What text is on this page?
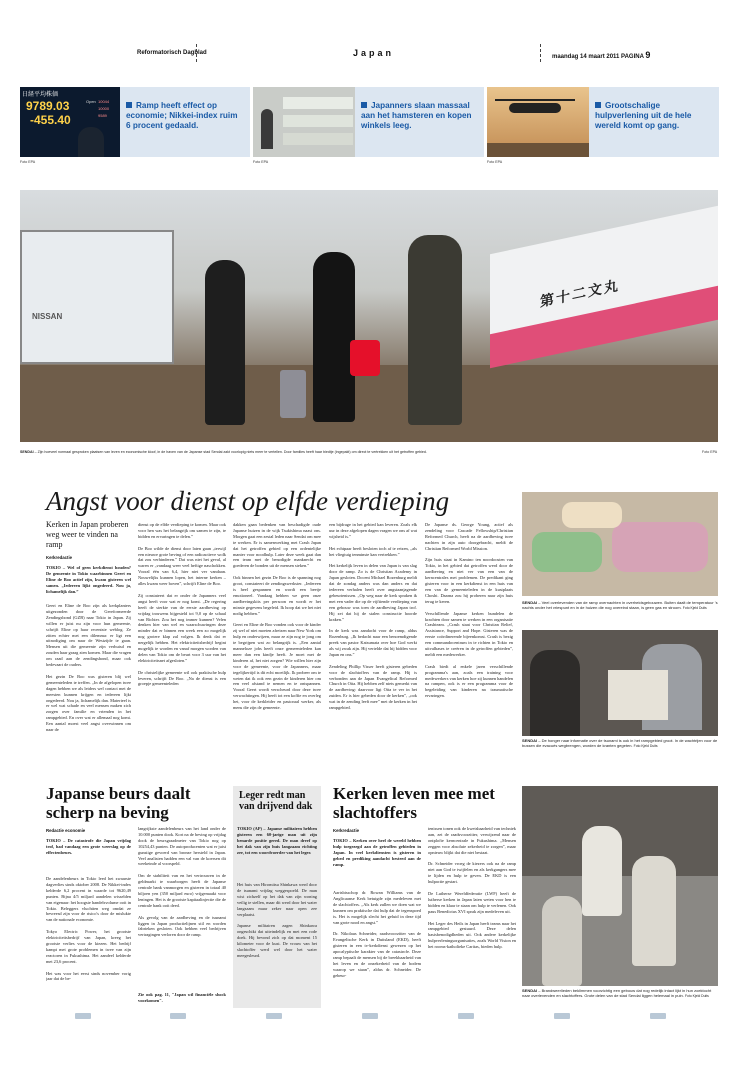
Reformatorisch Dagblad	Japan	maandag 14 maart 2011 PAGINA 9
日経平均株価
9789.03
-455.40
Open 10044
10000
9589
Ramp heeft effect op economie; Nikkei-index ruim 6 procent gedaald.
Foto EPA
Japanners slaan massaal aan het hamsteren en kopen winkels leeg.
Foto EPA
Grootschalige hulpverlening uit de hele wereld komt op gang.
Foto EPA
NISSAN
第十二文丸
SENDAI – Zijn hoeveel normaal gesproken plaatsen van leven en economische kloof, in de haven van de Japanse stad Sendai zakt voorlopig niets meer te vertellen. Door families heeft haar biedtje (ingepakt) om direct te vertrekken uit het getroffen gebied.	Foto EPA
Angst voor dienst op elfde verdieping
Kerken in Japan proberen weg weer te vinden na ramp
Kerkredactie
TOKIO – Wel of geen kerkdienst houden? De gemeente in Tokio waarbinnen Geert en Eline de Boo actief zijn, kwam gisteren wel samen. „Iedereen lijkt ongedeerd. Nou ja, lichamelijk dan.”
Geert en Eline de Boo zijn als kerkplanters uitgezonden door de Gereformeerde Zendingsbond (GZB) naar Tokio in Japan. Zij willen er juist nu zijn voor hun gemeente, schrijft Eline op haar recentste weblog. Ze zitten echter met een dilemma: er ligt een uitnodiging om naar de Westzijde te gaan. Mensen uit die gemeente zijn verhuisd en zouden haar graag zien komen. Maar die vragen om raad aan de zendingsbond, maar ook bedevaart de ouders.

Het gezin De Boo was gisteren blij wel gemeenteleden te treffen. „In de afgelopen twee dagen hebben we als leiders wel contact met de meesten kunnen krijgen en iedereen lijkt ongedeerd. Nou ja, lichamelijk dan. Materieel is er wel wat schade en veel mensen maken zich zorgen over familie en vrienden in het rampgebied. En over wat er allemaal nog komt. Een aantal moest veel angst overwinnen om naar de
dienst op de elfde verdieping te komen. Maar ook voor hen was het belangrijk om samen te zijn, te bidden en ervaringen te delen.”

De Boo wilde de dienst door laten gaan „terwijl een nieuwe grote beving of een radioactieve wolk dat zou verhinderen.” Dat was niet het geval, al waren er „vandaag weer veel heftige naschokken. Vooral één van 6,4, hier niet ver vandaan. Nouwelijks kunnen lopen, het interne kerken – alles kwam weer boven”, schrijft Eline de Boo.

Zij constateert dat er onder de Japanners veel angst heeft voor wat er nog komt. „De regering heeft de sterkte van de eerste aardbeving op vrijdag trouwens bijgesteld tot 9,0 op de schaal van Richter. Zou het nog immer kunnen? Velen denken hier van wel en waarschuwingen deze minder dat er binnen een week een zo mogelijk nog grotere klap zal volgen. Ik denk dat er nergelijk hebben. Het elektriciteitsbedrijf begint mogelijk te worden en vanaf morgen worden van delen van Tokio om de beurt voor 3 uur van het elektriciteitsnet afgesloten.”

De christelijke gemeente wil ook praktische hulp leveren, schrijft De Boo. „Na de dienst is een groepje gemeenteleden
dakken gaan bedenken van beschadigde oude Japanse huizen in de wijk Tsukishima naast ons. Morgen gaat een zestal leden naar Sendai om mee te werken. Er is samenwerking met Crash Japan dat het getroffen gebied op een ordentelijke manier voor noodhulp. Later deze week gaat dan een team met de benodigde manknecht en goederen de bonden uit de mensen steken.”

Ook binnen het gezin De Boo is de spanning nog groot, constateert de zendingswerkster. „Iedereen is heel gespannen en wordt een beetje emotioneel. Vandaag hebben we geen onze aardbevingskits per persoon en wordt er het minste gegevens begeleid. Ik hoop dat we het niet nodig hebben.”

Geert en Eline de Boo vonden ook voor de kinder zij wel of niet moeten afreizen naar New York om hulp en onderwijzen, maar ze zijn nog te jong om te begrijpen wat zo belangrijk is. „Een aantal manneloze jobs heeft onze gemeenteleden kan meer dan een kindje heeft. Je moet met de kinderen af, het niet zorgen? Wie willen hier zijn voor de gemeente, voor de Japanners, maar tegelijkertijd is dit echt moeilijk. Ik probeer om te weten dat ik ook een gezin de kinderen hier om een veel afstand te nemen en te ontspannen. Vooral Geert wordt verscheurd door deze twee verwachtingen. Hij heeft tot een koffie en overleg het, voor de kerkleider en pastoraal werker, als mens die zijn de gemeente.
een bijdrage in het gebied kan leveren. Zoals elk uur in deze afgelopen dagen vragen we ons af wat wijsheid is.”

Het echtpaar heeft besloten toch af te reizen, „als het vliegtuig tenminste kan vertrekken.”

Het kerkelijk leven in delen van Japan is van slag door de ramp. Zo is de Christian Academy in Japan gesloten. Docent Michael Rozenburg meldt dat de zondag anders was dan anders en dat iedereen verhalen heeft over angstaanjagende gebeurtenissen. „Op weg naar de kerk spraken ik met een vader die op de vijftiende verdieping van een gebouw was toen de aardbeving Japan trof. Hij zei dat hij de stalen constructie hoorde kraken.”

In de kerk was aandacht voor de ramp, aldus Rozenburg. „Ik bedacht naar een benoemdigende preek van pastor Katsumata over hoe God werkt als wij zwak zijn. Hij vertelde dat hij bidden voor Japan en ons.”

Zendeling Phillip Visser heeft gisteren gebeden voor de slachtoffers van de ramp. Hij is verbonden aan de Japan Evangelical Reformed Church in Oita. Hij hebben zelf niets gemerkt van de aardbeving: daarvoor ligt Oita te ver in het zuiden. Er is hier gebeden door de kerken”, „ook wat in de zending leeft mee” met de kerken in het rampgebied.
De Japanse ds. George Young, actief als zendeling voor Cascade Fellowship/Christian Reformed Church, heeft na de aardbeving twee nachten in zijn auto doorgebracht, meldt de Christian Reformed World Mission.

Zijn huis staat in Kamino ten noordoosten van Tokio, in het gebied dat getroffen werd door de aardbeving en niet ver van een van de kerncentrales met problemen. De predikant ging gisteren voor in een kerkdienst in een huis van een van de gemeenteleden in de kustplaats Choshi. Daarna zou hij proberen naar zijn huis terug te keren.

Verschillende Japanse kerken bundelen de krachten door samen te werken in een organisatie Crashteam. „Crash staat voor Christian Relief, Assistance, Support and Hope. Gisteren was de eerste coördinerende bijeenkomst. Crash is bezig een commandocentrum in te richten in Tokio en uitvalbases te creëren in de getroffen gebieden”, meldt een medewerker.

Crash biedt al enkele jaren verschillende programma's aan, zoals een training voor medewerkers van kerken hoe zij kunnen handelen na rampen, ook is er een programma voor de begeleiding van kinderen na traumatische ervaringen.
SENDAI – Veel overlevenden van de ramp overnachten in overheidsgebouwen. Buiten daalt de temperatuur 's nachts onder het vriespunt en in de huizen die nog overeind staan, is geen gas en stroom. Foto Kjeld Duits
SENDAI – De honger naar informatie over de tsunami is ook in het rampgebied groot. In de wachtrijen voor de bussen die evacués wegbrengen, worden de kranten gegeten. Foto Kjeld Duits
Japanse beurs daalt scherp na beving
Redactie economie
TOKIO – De catastrofe die Japan vrijdag trof, had vandaag een grote weerslag op de effectenbeurs.
De aandelenbeurs in Tokio leed het zwaarste dagverlies sinds oktober 2008. De Nikkei-index kelderde 6,2 procent in waarde tot 9620,49 punten. Bijna 4/5 miljard aandelen wisselden van eigenaar: het hoogste handelsvolume ooit in Tokio. Beleggers vluchtten weg omdat ze bevreesd zijn voor de risico's door de mislukte van de nationale economie.

Tokyo Electric Power, het grootste elektriciteitsbedrijf van Japan, kreeg het grootste verlies voor de kiezen. Het bedrijf kampt met grote problemen in twee van zijn reactoren in Fukushima. Het aandeel kelderde met 23,6 procent.

Het was voor het eerst sinds november vorig jaar dat de be-
langrijkste aandelenbeurs van het land onder de 10.000 punten dook. Kort na de beving op vrijdag dook de beursgraadmeter van Tokio nog op 10254,43 punten. De autoproducenten wat er juist gunstige gevoerd van bronze hersteld in Japan. Veel analisten hadden een val van de koersen dit weekeinde al voorspeld.

Om de stabiliteit van en het vertrouwen in de geldmarkt te waarborgen heeft de Japanse centrale bank vanmorgen en gisteren in totaal 40 biljoen yen (350 miljard euro) vrijgemaakt voor leningen. Het is de grootste kapitaalinjectie die de centrale bank ooit deed.

Als gevolg van de aardbeving en de tsunami liggen in Japan productielijnen stil en worden fabrieken gesloten. Ook hebben veel bedrijven vertragingen verloren door de ramp.
Zie ook pag. 11, "Japan wil financiële shock voorkomen".
Leger redt man van drijvend dak
TOKIO (AP) – Japanse militairen hebben gisteren een 60-jarige man uit zijn benarde positie gered. De man dreef op het dak van zijn huis langzaam richting zee, tot een woordvoerder van het leger.
Het huis van Hiromitsu Shinkawa werd door de tsunami vrijdag weggespoeld. De man wist zichzelf op het dak van zijn woning veilig te stellen, maar dit werd door het water langzaam maar zeker naar open zee verplaatst.

Japanse militairen zagen Shinkawa ongeschikt dat uiteindelijk en met een rode doek. Hij bevond zich op dat moment 15 kilometer voor de kust. De vrouw van het slachtoffer werd wel door het water meegesleurd.
Kerken leven mee met slachtoffers
Kerkredactie
TOKIO – Kerken over heel de wereld hebben hulp toegezegd aan de getroffen gebieden in Japan. In veel kerkdiensten is gisteren in gebed en prediking aandacht besteed aan de ramp.
Aartsbisschop dr. Rowan Williams van de Anglicaanse Kerk betuigde zijn medeleven met de slachtoffers. „Als kerk zullen we doen wat we kunnen om praktische dat hulp dat de tegenspoed is. Het is mogelijk slecht het geluid in deze tijd van grote nood en angst.”

Dr. Nikolaus Schneider, raadsvoorzitter van de Evangelische Kerk in Duitsland (EKD), heeft gisteren in een tv-kerkdienst gewezen op het apocalyptische karakter van de catastrofe. Deze ramp bepaalt de mensen bij de breekbaarheid van het leven en de onzekerheid van de bodem waarop we staan”, aldus dr. Schneider. De gebeur-
tenissen tonen ook de kwetsbaarheid van techniek aan, zei de raadsvoorzitter, verwijzend naar de ontplofte kerncentrale in Fukushima. „Mensen zeggen voor absolute zekerheid te zorgen”, maar opnieuw blijkt dat die niet bestaat.

Dr. Schneider vroeg de kiezers ook na de ramp niet aan God te twijfelen en als kerkgangers mee te lijden en hulp te geven. De EKD is een hulpactie gestart.

De Lutherse Wereldfederatie (LWF) heeft de lutherse kerken in Japan laten weten voor hen te bidden en klaar te staan om hulp te verlenen. Ook paus Benedictus XVI sprak zijn medeleven uit.

Het Leger des Heils in Japan heeft teams naar het rampgebied gestuurd. Deze delen basisbenodigdheden uit. Ook andere kerkelijke hulpverleningsorganisaties, zoals World Vision en het rooms-katholieke Caritas, bieden hulp.
SENDAI – Brandweerlieden beklimmen voorzichtig een gebouw dat nog redelijk intact lijkt in hun zoektocht naar overlevenden en slachtoffers. Grote delen van de stad Sendai liggen helemaal in puin. Foto Kjeld Duits
